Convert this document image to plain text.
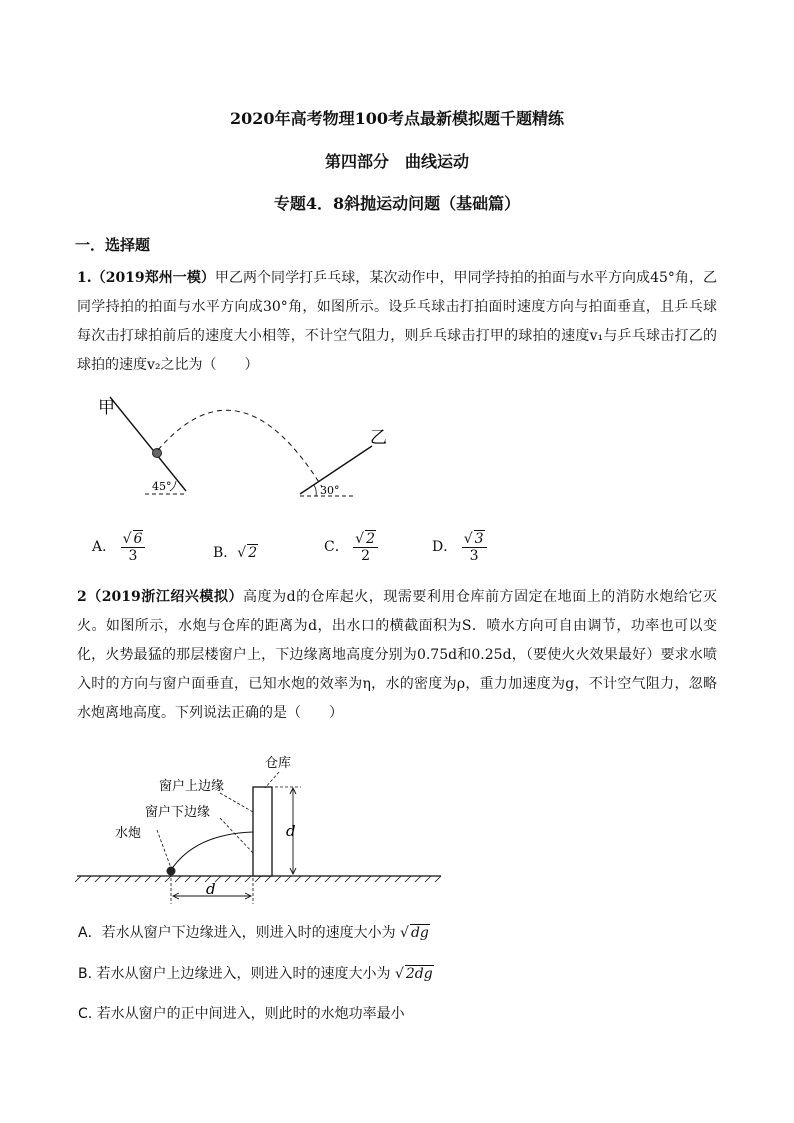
2020年高考物理100考点最新模拟题千题精练
第四部分　曲线运动
专题4．8斜抛运动问题（基础篇）
一．选择题
1.（2019郑州一模）甲乙两个同学打乒乓球，某次动作中，甲同学持拍的拍面与水平方向成45°角，乙同学持拍的拍面与水平方向成30°角，如图所示。设乒乓球击打拍面时速度方向与拍面垂直，且乒乓球每次击打球拍前后的速度大小相等，不计空气阻力，则乒乓球击打甲的球拍的速度v₁与乒乓球击打乙的球拍的速度v₂之比为（　　）
45°
甲
30°
乙
A． $\frac{√ 6}{3}$	B．√ 2	C． $\frac{√ 2}{2}$	D． $\frac{√ 3}{3}$
2（2019浙江绍兴模拟）高度为d的仓库起火，现需要利用仓库前方固定在地面上的消防水炮给它灭火。如图所示，水炮与仓库的距离为d，出水口的横截面积为S．喷水方向可自由调节，功率也可以变化，火势最猛的那层楼窗户上，下边缘离地高度分别为0.75d和0.25d，（要使火火效果最好）要求水喷入时的方向与窗户面垂直，已知水炮的效率为η，水的密度为ρ，重力加速度为g，不计空气阻力，忽略水炮离地高度。下列说法正确的是（　　）
d
d
仓库
窗户上边缘
窗户下边缘
水炮
A．若水从窗户下边缘进入，则进入时的速度大小为 √ dg
B. 若水从窗户上边缘进入，则进入时的速度大小为 √ 2dg
C. 若水从窗户的正中间进入，则此时的水炮功率最小
